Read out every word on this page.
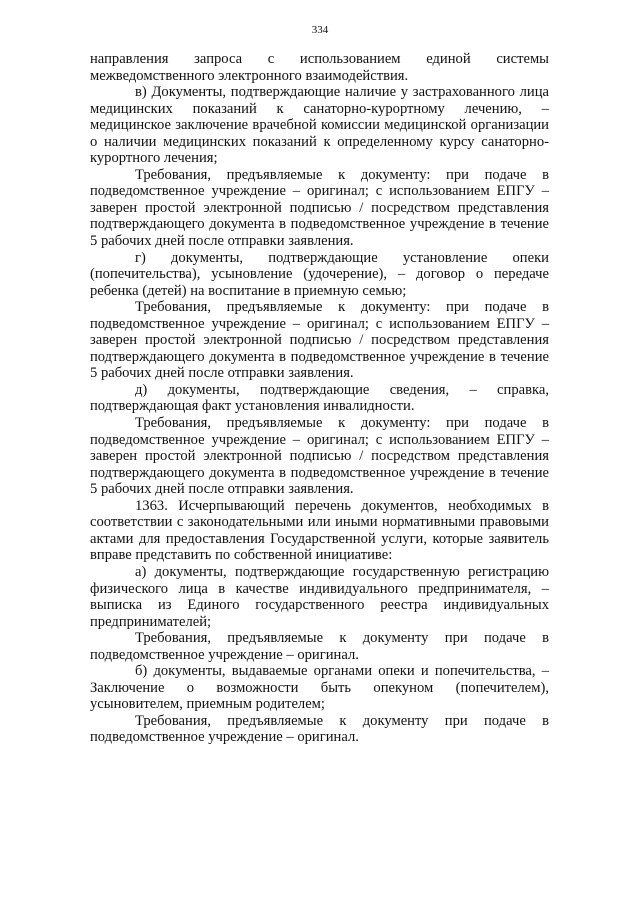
334

направления запроса с использованием единой системы межведомственного электронного взаимодействия.

в) Документы, подтверждающие наличие у застрахованного лица медицинских показаний к санаторно-курортному лечению, – медицинское заключение врачебной комиссии медицинской организации о наличии медицинских показаний к определенному курсу санаторно-курортного лечения;

Требования, предъявляемые к документу: при подаче в подведомственное учреждение – оригинал; с использованием ЕПГУ – заверен простой электронной подписью / посредством представления подтверждающего документа в подведомственное учреждение в течение 5 рабочих дней после отправки заявления.

г) документы, подтверждающие установление опеки (попечительства), усыновление (удочерение), – договор о передаче ребенка (детей) на воспитание в приемную семью;

Требования, предъявляемые к документу: при подаче в подведомственное учреждение – оригинал; с использованием ЕПГУ – заверен простой электронной подписью / посредством представления подтверждающего документа в подведомственное учреждение в течение 5 рабочих дней после отправки заявления.

д) документы, подтверждающие сведения, – справка, подтверждающая факт установления инвалидности.

Требования, предъявляемые к документу: при подаче в подведомственное учреждение – оригинал; с использованием ЕПГУ – заверен простой электронной подписью / посредством представления подтверждающего документа в подведомственное учреждение в течение 5 рабочих дней после отправки заявления.

1363. Исчерпывающий перечень документов, необходимых в соответствии с законодательными или иными нормативными правовыми актами для предоставления Государственной услуги, которые заявитель вправе представить по собственной инициативе:

а) документы, подтверждающие государственную регистрацию физического лица в качестве индивидуального предпринимателя, – выписка из Единого государственного реестра индивидуальных предпринимателей;

Требования, предъявляемые к документу при подаче в подведомственное учреждение – оригинал.

б) документы, выдаваемые органами опеки и попечительства, – Заключение о возможности быть опекуном (попечителем), усыновителем, приемным родителем;

Требования, предъявляемые к документу при подаче в подведомственное учреждение – оригинал.
